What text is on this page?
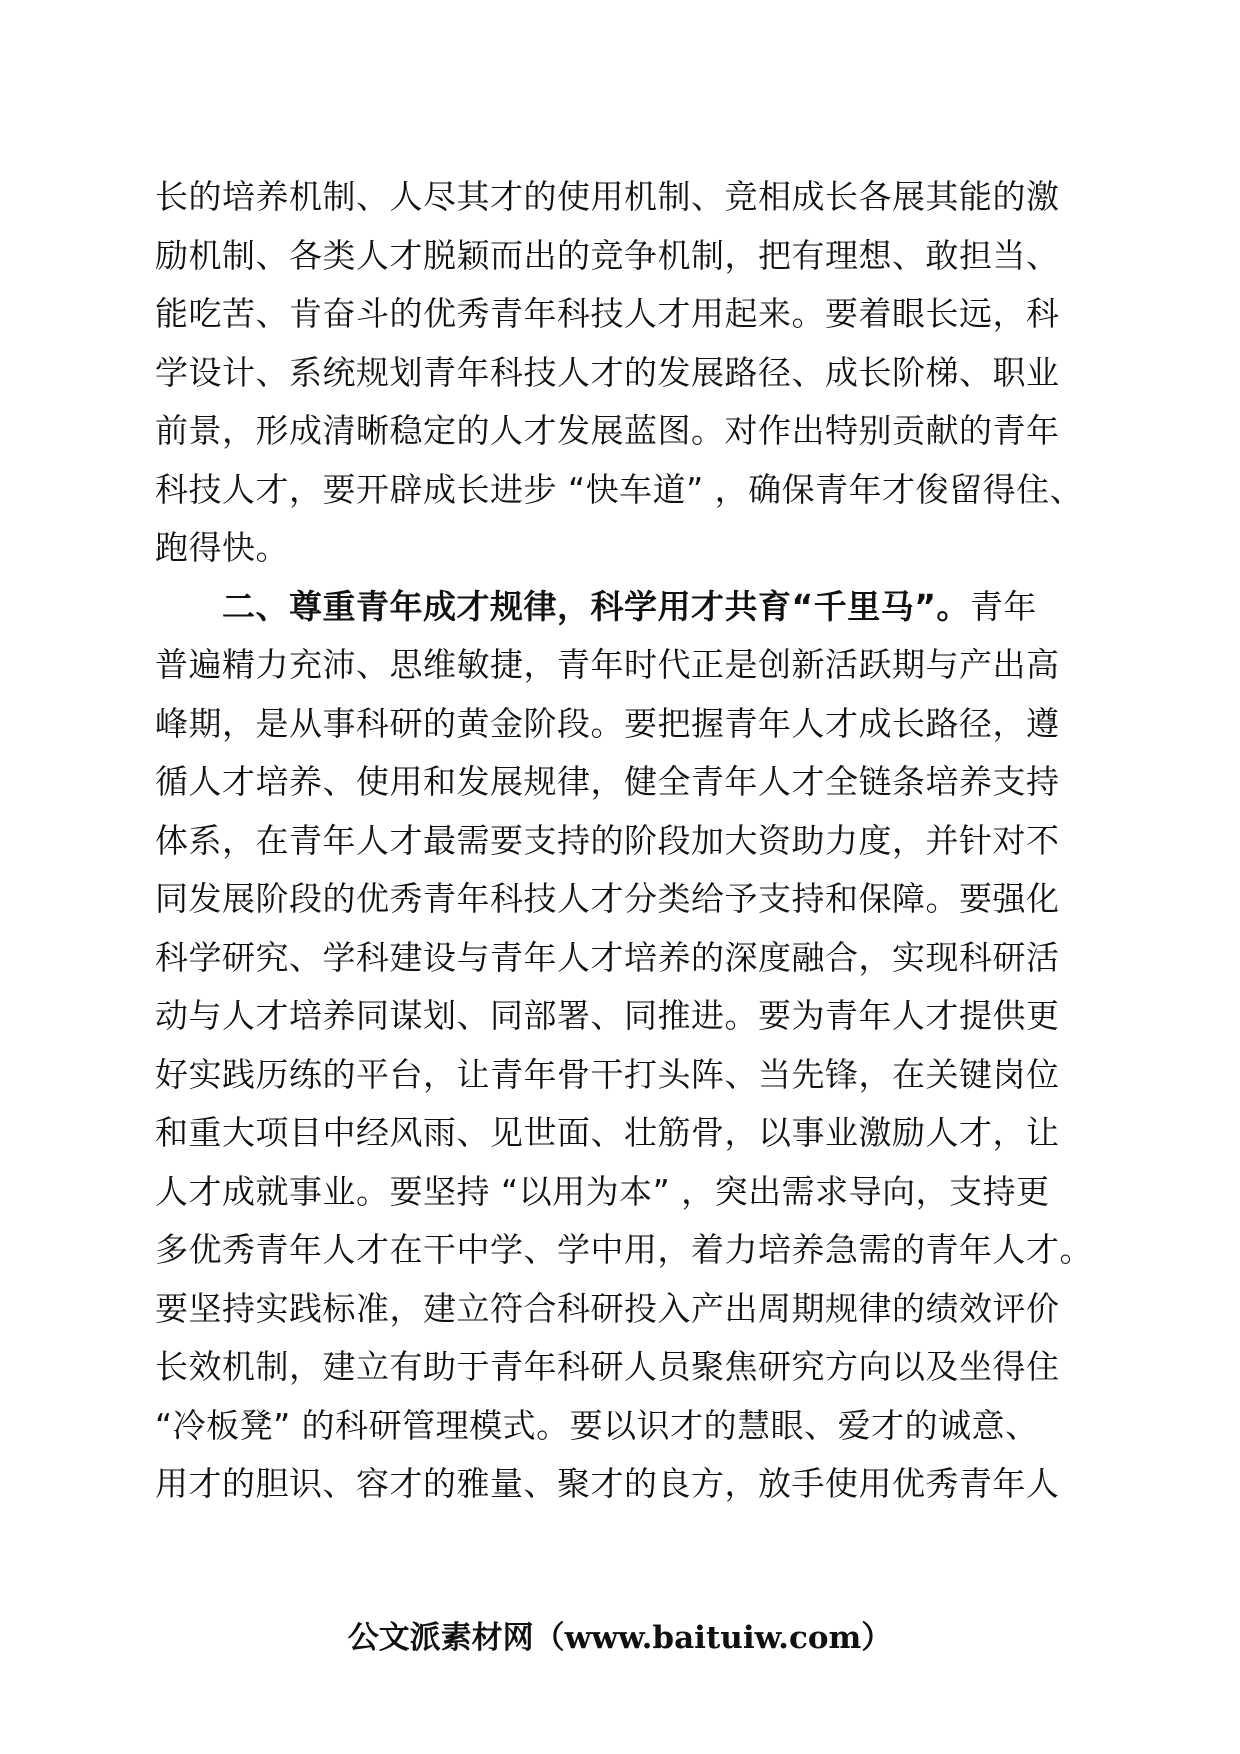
长的培养机制、人尽其才的使用机制、竞相成长各展其能的激
励机制、各类人才脱颖而出的竞争机制，把有理想、敢担当、
能吃苦、肯奋斗的优秀青年科技人才用起来。要着眼长远，科
学设计、系统规划青年科技人才的发展路径、成长阶梯、职业
前景，形成清晰稳定的人才发展蓝图。对作出特别贡献的青年
科技人才，要开辟成长进步 “快车道” ，确保青年才俊留得住、
跑得快。
　　二、尊重青年成才规律，科学用才共育“千里马”。青年
普遍精力充沛、思维敏捷，青年时代正是创新活跃期与产出高
峰期，是从事科研的黄金阶段。要把握青年人才成长路径，遵
循人才培养、使用和发展规律，健全青年人才全链条培养支持
体系，在青年人才最需要支持的阶段加大资助力度，并针对不
同发展阶段的优秀青年科技人才分类给予支持和保障。要强化
科学研究、学科建设与青年人才培养的深度融合，实现科研活
动与人才培养同谋划、同部署、同推进。要为青年人才提供更
好实践历练的平台，让青年骨干打头阵、当先锋，在关键岗位
和重大项目中经风雨、见世面、壮筋骨，以事业激励人才，让
人才成就事业。要坚持 “以用为本” ，突出需求导向，支持更
多优秀青年人才在干中学、学中用，着力培养急需的青年人才。
要坚持实践标准，建立符合科研投入产出周期规律的绩效评价
长效机制，建立有助于青年科研人员聚焦研究方向以及坐得住
“冷板凳” 的科研管理模式。要以识才的慧眼、爱才的诚意、
用才的胆识、容才的雅量、聚才的良方，放手使用优秀青年人
公文派素材网（www.baituiw.com）
